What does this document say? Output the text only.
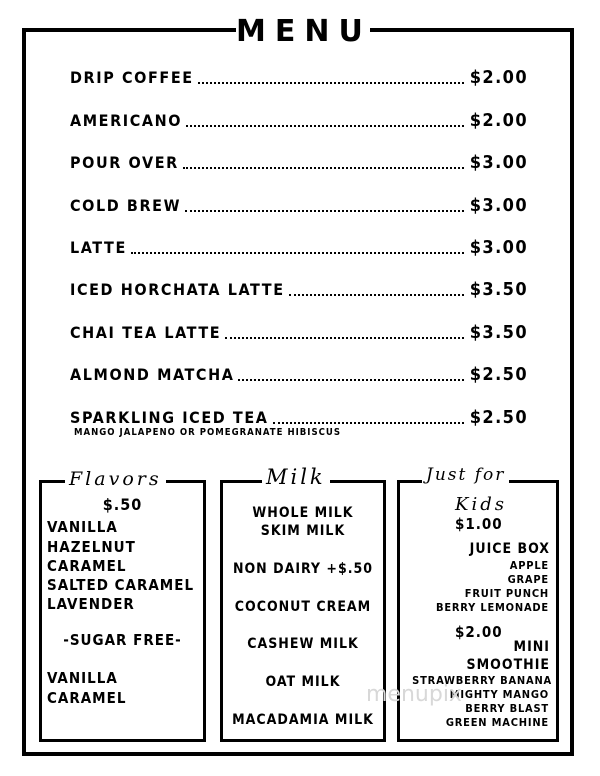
MENU
DRIP COFFEE	$2.00
AMERICANO	$2.00
POUR OVER	$3.00
COLD BREW	$3.00
LATTE	$3.00
ICED HORCHATA LATTE	$3.50
CHAI TEA LATTE	$3.50
ALMOND MATCHA	$2.50
SPARKLING ICED TEA	$2.50
MANGO JALAPENO OR POMEGRANATE HIBISCUS
Flavors
$.50
VANILLA
HAZELNUT
CARAMEL
SALTED CARAMEL
LAVENDER
-SUGAR FREE-
VANILLA
CARAMEL
Milk
WHOLE MILK
SKIM MILK
NON DAIRY +$.50
COCONUT CREAM
CASHEW MILK
OAT MILK
MACADAMIA MILK
Just for
Kids
$1.00
JUICE BOX
APPLE
GRAPE
FRUIT PUNCH
BERRY LEMONADE
$2.00
MINI
SMOOTHIE
STRAWBERRY BANANA
MIGHTY MANGO
BERRY BLAST
GREEN MACHINE
menupix
